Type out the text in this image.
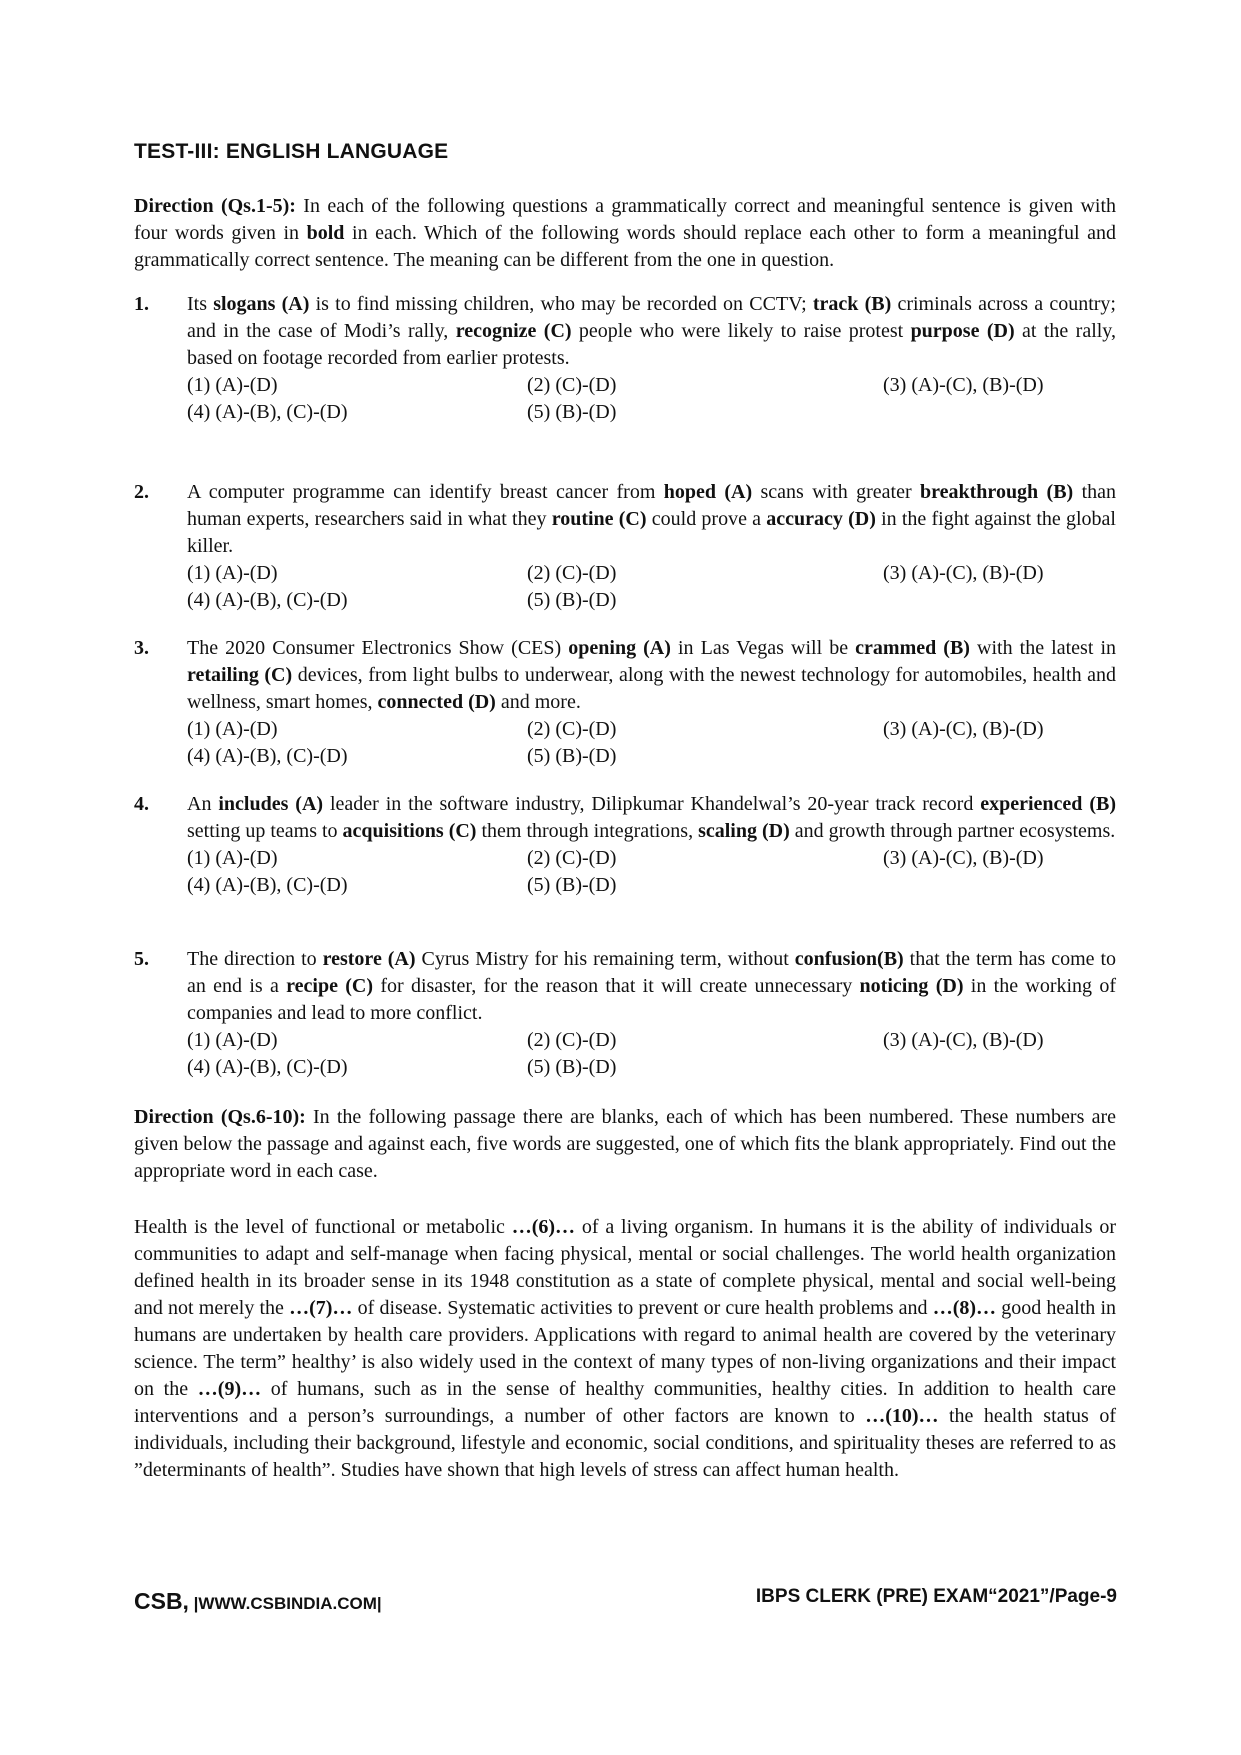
TEST-III: ENGLISH LANGUAGE
Direction (Qs.1-5): In each of the following questions a grammatically correct and meaningful sentence is given with four words given in bold in each. Which of the following words should replace each other to form a meaningful and grammatically correct sentence. The meaning can be different from the one in question.
1. Its slogans (A) is to find missing children, who may be recorded on CCTV; track (B) criminals across a country; and in the case of Modi’s rally, recognize (C) people who were likely to raise protest purpose (D) at the rally, based on footage recorded from earlier protests.
(1) (A)-(D)	(2) (C)-(D)	(3) (A)-(C), (B)-(D)
(4) (A)-(B), (C)-(D)	(5) (B)-(D)
2. A computer programme can identify breast cancer from hoped (A) scans with greater breakthrough (B) than human experts, researchers said in what they routine (C) could prove a accuracy (D) in the fight against the global killer.
(1) (A)-(D)	(2) (C)-(D)	(3) (A)-(C), (B)-(D)
(4) (A)-(B), (C)-(D)	(5) (B)-(D)
3. The 2020 Consumer Electronics Show (CES) opening (A) in Las Vegas will be crammed (B) with the latest in retailing (C) devices, from light bulbs to underwear, along with the newest technology for automobiles, health and wellness, smart homes, connected (D) and more.
(1) (A)-(D)	(2) (C)-(D)	(3) (A)-(C), (B)-(D)
(4) (A)-(B), (C)-(D)	(5) (B)-(D)
4. An includes (A) leader in the software industry, Dilipkumar Khandelwal’s 20-year track record experienced (B) setting up teams to acquisitions (C) them through integrations, scaling (D) and growth through partner ecosystems.
(1) (A)-(D)	(2) (C)-(D)	(3) (A)-(C), (B)-(D)
(4) (A)-(B), (C)-(D)	(5) (B)-(D)
5. The direction to restore (A) Cyrus Mistry for his remaining term, without confusion(B) that the term has come to an end is a recipe (C) for disaster, for the reason that it will create unnecessary noticing (D) in the working of companies and lead to more conflict.
(1) (A)-(D)	(2) (C)-(D)	(3) (A)-(C), (B)-(D)
(4) (A)-(B), (C)-(D)	(5) (B)-(D)
Direction (Qs.6-10): In the following passage there are blanks, each of which has been numbered. These numbers are given below the passage and against each, five words are suggested, one of which fits the blank appropriately. Find out the appropriate word in each case.
Health is the level of functional or metabolic …(6)… of a living organism. In humans it is the ability of individuals or communities to adapt and self-manage when facing physical, mental or social challenges. The world health organization defined health in its broader sense in its 1948 constitution as a state of complete physical, mental and social well-being and not merely the …(7)… of disease. Systematic activities to prevent or cure health problems and …(8)… good health in humans are undertaken by health care providers. Applications with regard to animal health are covered by the veterinary science. The term” healthy’ is also widely used in the context of many types of non-living organizations and their impact on the …(9)… of humans, such as in the sense of healthy communities, healthy cities. In addition to health care interventions and a person’s surroundings, a number of other factors are known to …(10)… the health status of individuals, including their background, lifestyle and economic, social conditions, and spirituality theses are referred to as ”determinants of health”. Studies have shown that high levels of stress can affect human health.
CSB, |WWW.CSBINDIA.COM|	IBPS CLERK (PRE) EXAM“2021”/Page-9
